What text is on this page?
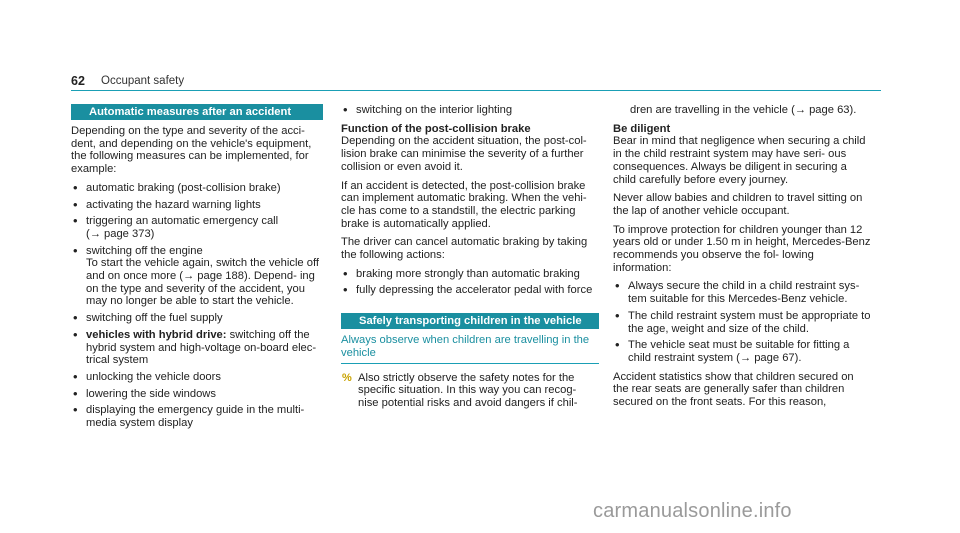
62 Occupant safety
Automatic measures after an accident

Depending on the type and severity of the acci- dent, and depending on the vehicle's equipment, the following measures can be implemented, for example:

• automatic braking (post-collision brake)
• activating the hazard warning lights
• triggering an automatic emergency call
(→ page 373)
• switching off the engine
To start the vehicle again, switch the vehicle off and on once more (→ page 188). Depend- ing on the type and severity of the accident, you may no longer be able to start the vehicle.
• switching off the fuel supply
• vehicles with hybrid drive: switching off the hybrid system and high-voltage on-board elec- trical system
• unlocking the vehicle doors
• lowering the side windows
• displaying the emergency guide in the multi- media system display
• switching on the interior lighting
Function of the post-collision brake

Depending on the accident situation, the post-col- lision brake can minimise the severity of a further collision or even avoid it.

If an accident is detected, the post-collision brake can implement automatic braking. When the vehi- cle has come to a standstill, the electric parking brake is automatically applied.

The driver can cancel automatic braking by taking the following actions:

• braking more strongly than automatic braking
• fully depressing the accelerator pedal with force
Safely transporting children in the vehicle
Always observe when children are travelling in the vehicle
% Also strictly observe the safety notes for the specific situation. In this way you can recog- nise potential risks and avoid dangers if chil-

dren are travelling in the vehicle (→ page 63).

Be diligent

Bear in mind that negligence when securing a child in the child restraint system may have seri- ous consequences. Always be diligent in securing a child carefully before every journey.

Never allow babies and children to travel sitting on the lap of another vehicle occupant.

To improve protection for children younger than 12 years old or under 1.50 m in height, Mercedes-Benz recommends you observe the fol- lowing information:

• Always secure the child in a child restraint sys- tem suitable for this Mercedes-Benz vehicle.
• The child restraint system must be appropriate to the age, weight and size of the child.
• The vehicle seat must be suitable for fitting a child restraint system (→ page 67).

Accident statistics show that children secured on the rear seats are generally safer than children secured on the front seats. For this reason,

carmanualsonline.info
